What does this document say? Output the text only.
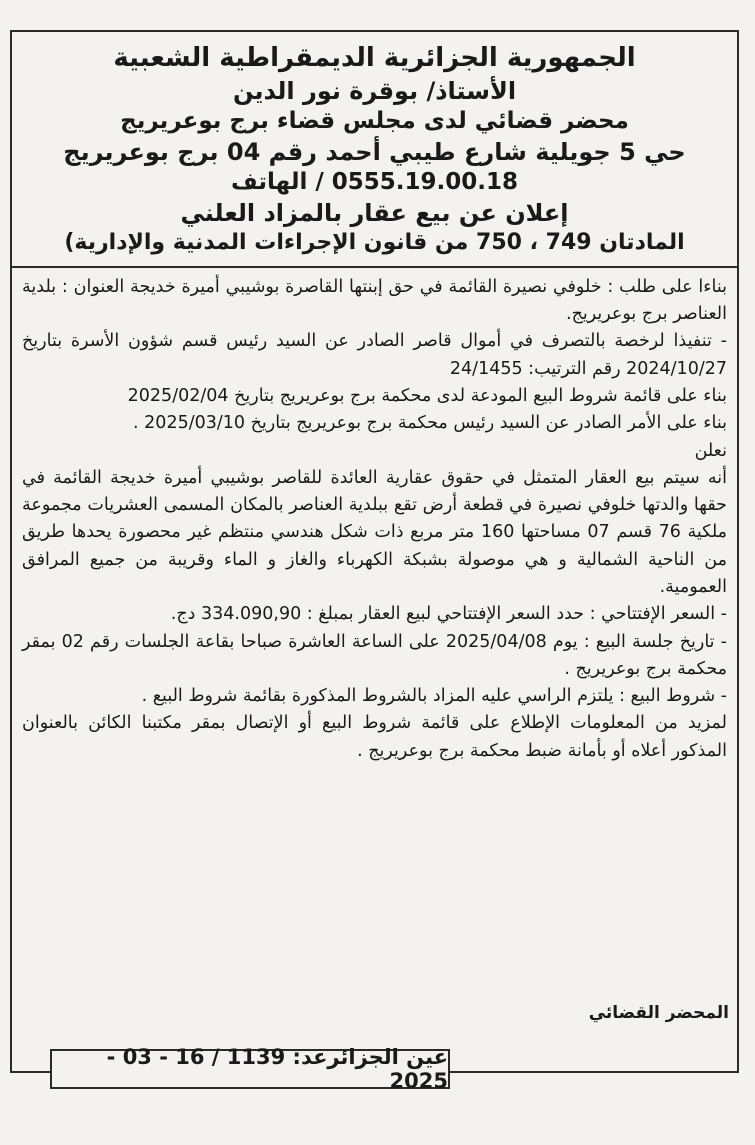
الجمهورية الجزائرية الديمقراطية الشعبية

الأستاذ/ بوقرة نور الدين

محضر قضائي لدى مجلس قضاء برج بوعريريج

حي 5 جويلية شارع طيبي أحمد رقم 04 برج بوعريريج

0555.19.00.18 / الهاتف

إعلان عن بيع عقار بالمزاد العلني

المادتان 749 ، 750 من قانون الإجراءات المدنية والإدارية)

بناءا على طلب : خلوفي نصيرة القائمة في حق إبنتها القاصرة بوشيبي أميرة خديجة العنوان : بلدية العناصر برج بوعريريج.

- تنفيذا لرخصة بالتصرف في أموال قاصر الصادر عن السيد رئيس قسم شؤون الأسرة بتاريخ 2024/10/27 رقم الترتيب: 24/1455

بناء على قائمة شروط البيع المودعة لدى محكمة برج بوعريريج بتاريخ 2025/02/04

بناء على الأمر الصادر عن السيد رئيس محكمة برج بوعريريج بتاريخ 2025/03/10 .

نعلن

أنه سيتم بيع العقار المتمثل في حقوق عقارية العائدة للقاصر بوشيبي أميرة خديجة القائمة في حقها والدتها خلوفي نصيرة في قطعة أرض تقع ببلدية العناصر بالمكان المسمى العشريات مجموعة ملكية 76 قسم 07 مساحتها 160 متر مربع ذات شكل هندسي منتظم غير محصورة يحدها طريق من الناحية الشمالية و هي موصولة بشبكة الكهرباء والغاز و الماء وقريبة من جميع المرافق العمومية.

- السعر الإفتتاحي : حدد السعر الإفتتاحي لبيع العقار بمبلغ : 334.090,90 دج.

- تاريخ جلسة البيع : يوم 2025/04/08 على الساعة العاشرة صباحا بقاعة الجلسات رقم 02 بمقر محكمة برج بوعريريج .

- شروط البيع : يلتزم الراسي عليه المزاد بالشروط المذكورة بقائمة شروط البيع .

لمزيد من المعلومات الإطلاع على قائمة شروط البيع أو الإتصال بمقر مكتبنا الكائن بالعنوان المذكور أعلاه أو بأمانة ضبط محكمة برج بوعريريج .

المحضر القضائي
عين الجزائرعد: 1139 / 16 - 03 - 2025
